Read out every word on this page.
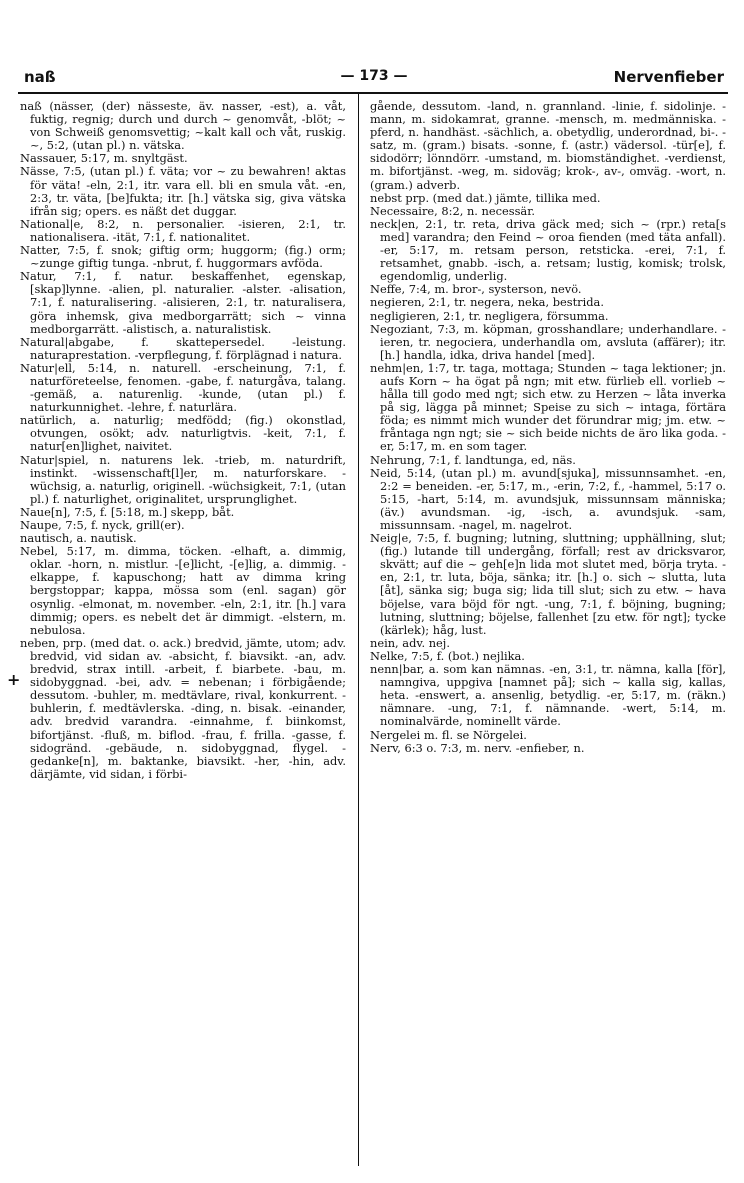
naß	— 173 —	Nervenfieber
+

naß (nässer, (der) nässeste, äv. nasser, -est), a. våt, fuktig, regnig; durch und durch ~ genomvåt, -blöt; ~ von Schweiß genomsvettig; ~kalt kall och våt, ruskig. ~, 5:2, (utan pl.) n. vätska.

Nassauer, 5:17, m. snyltgäst.

Nässe, 7:5, (utan pl.) f. väta; vor ~ zu bewahren! aktas för väta! -eln, 2:1, itr. vara ell. bli en smula våt. -en, 2:3, tr. väta, [be]fukta; itr. [h.] vätska sig, giva vätska ifrån sig; opers. es näßt det duggar.

National|e, 8:2, n. personalier. -isieren, 2:1, tr. nationalisera. -ität, 7:1, f. nationalitet.

Natter, 7:5, f. snok; giftig orm; huggorm; (fig.) orm; ~zunge giftig tunga. -nbrut, f. huggormars avföda.

Natur, 7:1, f. natur. beskaffenhet, egenskap, [skap]lynne. -alien, pl. naturalier. -alster. -alisation, 7:1, f. naturalisering. -alisieren, 2:1, tr. naturalisera, göra inhemsk, giva medborgarrätt; sich ~ vinna medborgarrätt. -alistisch, a. naturalistisk.

Natural|abgabe, f. skattepersedel. -leistung. naturaprestation. -verpflegung, f. förplägnad i natura.

Natur|ell, 5:14, n. naturell. -erscheinung, 7:1, f. naturföreteelse, fenomen. -gabe, f. naturgåva, talang. -gemäß, a. naturenlig. -kunde, (utan pl.) f. naturkunnighet. -lehre, f. naturlära.

natürlich, a. naturlig; medfödd; (fig.) okonstlad, otvungen, osökt; adv. naturligtvis. -keit, 7:1, f. natur[en]lighet, naivitet.

Natur|spiel, n. naturens lek. -trieb, m. naturdrift, instinkt. -wissenschaft[l]er, m. naturforskare. -wüchsig, a. naturlig, originell. -wüchsigkeit, 7:1, (utan pl.) f. naturlighet, originalitet, ursprunglighet.

Naue[n], 7:5, f. [5:18, m.] skepp, båt.

Naupe, 7:5, f. nyck, grill(er).

nautisch, a. nautisk.

Nebel, 5:17, m. dimma, töcken. -elhaft, a. dimmig, oklar. -horn, n. mistlur. -[e]licht, -[e]lig, a. dimmig. -elkappe, f. kapuschong; hatt av dimma kring bergstoppar; kappa, mössa som (enl. sagan) gör osynlig. -elmonat, m. november. -eln, 2:1, itr. [h.] vara dimmig; opers. es nebelt det är dimmigt. -elstern, m. nebulosa.

neben, prp. (med dat. o. ack.) bredvid, jämte, utom; adv. bredvid, vid sidan av. -absicht, f. biavsikt. -an, adv. bredvid, strax intill. -arbeit, f. biarbete. -bau, m. sidobyggnad. -bei, adv. = nebenan; i förbigående; dessutom. -buhler, m. medtävlare, rival, konkurrent. -buhlerin, f. medtävlerska. -ding, n. bisak. -einander, adv. bredvid varandra. -einnahme, f. biinkomst, bifortjänst. -fluß, m. biflod. -frau, f. frilla. -gasse, f. sidogränd. -gebäude, n. sidobyggnad, flygel. -gedanke[n], m. baktanke, biavsikt. -her, -hin, adv. därjämte, vid sidan, i förbi-

gående, dessutom. -land, n. grannland. -linie, f. sidolinje. -mann, m. sidokamrat, granne. -mensch, m. medmänniska. -pferd, n. handhäst. -sächlich, a. obetydlig, underordnad, bi-. -satz, m. (gram.) bisats. -sonne, f. (astr.) vädersol. -tür[e], f. sidodörr; lönndörr. -umstand, m. biomständighet. -verdienst, m. bifortjänst. -weg, m. sidoväg; krok-, av-, omväg. -wort, n. (gram.) adverb.

nebst prp. (med dat.) jämte, tillika med.

Necessaire, 8:2, n. necessär.

neck|en, 2:1, tr. reta, driva gäck med; sich ~ (rpr.) reta[s med] varandra; den Feind ~ oroa fienden (med täta anfall). -er, 5:17, m. retsam person, retsticka. -erei, 7:1, f. retsamhet, gnabb. -isch, a. retsam; lustig, komisk; trolsk, egendomlig, underlig.

Neffe, 7:4, m. bror-, systerson, nevö.

negieren, 2:1, tr. negera, neka, bestrida.

negligieren, 2:1, tr. negligera, försumma.

Negoziant, 7:3, m. köpman, grosshandlare; underhandlare. -ieren, tr. negociera, underhandla om, avsluta (affärer); itr. [h.] handla, idka, driva handel [med].

nehm|en, 1:7, tr. taga, mottaga; Stunden ~ taga lektioner; jn. aufs Korn ~ ha ögat på ngn; mit etw. fürlieb ell. vorlieb ~ hålla till godo med ngt; sich etw. zu Herzen ~ låta inverka på sig, lägga på minnet; Speise zu sich ~ intaga, förtära föda; es nimmt mich wunder det förundrar mig; jm. etw. ~ fråntaga ngn ngt; sie ~ sich beide nichts de äro lika goda. -er, 5:17, m. en som tager.

Nehrung, 7:1, f. landtunga, ed, näs.

Neid, 5:14, (utan pl.) m. avund[sjuka], missunnsamhet. -en, 2:2 = beneiden. -er, 5:17, m., -erin, 7:2, f., -hammel, 5:17 o. 5:15, -hart, 5:14, m. avundsjuk, missunnsam människa; (äv.) avundsman. -ig, -isch, a. avundsjuk. -sam, missunnsam. -nagel, m. nagelrot.

Neig|e, 7:5, f. bugning; lutning, sluttning; upphällning, slut; (fig.) lutande till undergång, förfall; rest av dricksvaror, skvätt; auf die ~ geh[e]n lida mot slutet med, börja tryta. -en, 2:1, tr. luta, böja, sänka; itr. [h.] o. sich ~ slutta, luta [åt], sänka sig; buga sig; lida till slut; sich zu etw. ~ hava böjelse, vara böjd för ngt. -ung, 7:1, f. böjning, bugning; lutning, sluttning; böjelse, fallenhet [zu etw. för ngt]; tycke (kärlek); håg, lust.

nein, adv. nej.

Nelke, 7:5, f. (bot.) nejlika.

nenn|bar, a. som kan nämnas. -en, 3:1, tr. nämna, kalla [för], namngiva, uppgiva [namnet på]; sich ~ kalla sig, kallas, heta. -enswert, a. ansenlig, betydlig. -er, 5:17, m. (räkn.) nämnare. -ung, 7:1, f. nämnande. -wert, 5:14, m. nominalvärde, nominellt värde.

Nergelei m. fl. se Nörgelei.

Nerv, 6:3 o. 7:3, m. nerv. -enfieber, n.
